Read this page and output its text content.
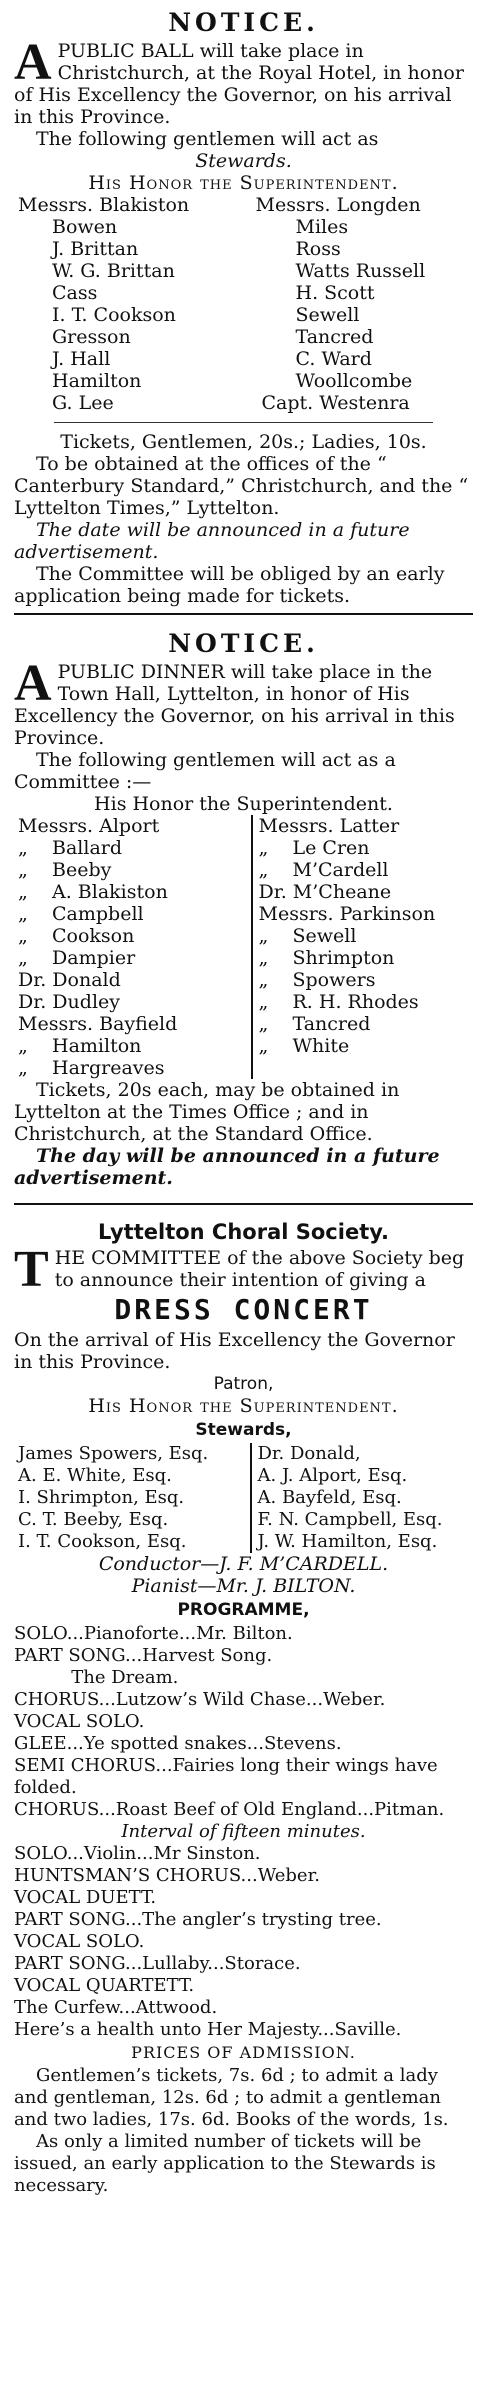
NOTICE.
A PUBLIC BALL will take place in Christchurch, at the Royal Hotel, in honor of His Excellency the Governor, on his arrival in this Province.

The following gentlemen will act as

Stewards.

His Honor the Superintendent.

Messrs. Blakiston
Bowen
J. Brittan
W. G. Brittan
Cass
I. T. Cookson
Gresson
J. Hall
Hamilton
G. Lee
Messrs. Longden
Miles
Ross
Watts Russell
H. Scott
Sewell
Tancred
C. Ward
Woollcombe
Capt. Westenra

Tickets, Gentlemen, 20s.; Ladies, 10s.

To be obtained at the offices of the “ Canterbury Standard,” Christchurch, and the “ Lyttelton Times,” Lyttelton.

The date will be announced in a future advertisement.

The Committee will be obliged by an early application being made for tickets.

NOTICE.
A PUBLIC DINNER will take place in the Town Hall, Lyttelton, in honor of His Excellency the Governor, on his arrival in this Province.

The following gentlemen will act as a Committee :—

His Honor the Superintendent.

Messrs. Alport
„    Ballard
„    Beeby
„    A. Blakiston
„    Campbell
„    Cookson
„    Dampier
Dr. Donald
Dr. Dudley
Messrs. Bayfield
„    Hamilton
„    Hargreaves
Messrs. Latter
„    Le Cren
„    M’Cardell
Dr. M’Cheane
Messrs. Parkinson
„    Sewell
„    Shrimpton
„    Spowers
„    R. H. Rhodes
„    Tancred
„    White

Tickets, 20s each, may be obtained in Lyttelton at the Times Office ; and in Christchurch, at the Standard Office.

The day will be announced in a future advertisement.

Lyttelton Choral Society.
T HE COMMITTEE of the above Society beg to announce their intention of giving a
DRESS CONCERT

On the arrival of His Excellency the Governor in this Province.

Patron,

His Honor the Superintendent.

Stewards,

James Spowers, Esq.
A. E. White, Esq.
I. Shrimpton, Esq.
C. T. Beeby, Esq.
I. T. Cookson, Esq.
Dr. Donald,
A. J. Alport, Esq.
A. Bayfeld, Esq.
F. N. Campbell, Esq.
J. W. Hamilton, Esq.

Conductor—J. F. M’CARDELL.

Pianist—Mr. J. BILTON.

PROGRAMME,

SOLO...Pianoforte...Mr. Bilton.
PART SONG...Harvest Song.
The Dream.
CHORUS...Lutzow’s Wild Chase...Weber.
VOCAL SOLO.
GLEE...Ye spotted snakes...Stevens.
SEMI CHORUS...Fairies long their wings have folded.
CHORUS...Roast Beef of Old England...Pitman.
Interval of fifteen minutes.
SOLO...Violin...Mr Sinston.
HUNTSMAN’S CHORUS...Weber.
VOCAL DUETT.
PART SONG...The angler’s trysting tree.
VOCAL SOLO.
PART SONG...Lullaby...Storace.
VOCAL QUARTETT.
The Curfew...Attwood.
Here’s a health unto Her Majesty...Saville.

PRICES OF ADMISSION.

Gentlemen’s tickets, 7s. 6d ; to admit a lady and gentleman, 12s. 6d ; to admit a gentleman and two ladies, 17s. 6d. Books of the words, 1s.

As only a limited number of tickets will be issued, an early application to the Stewards is necessary.
